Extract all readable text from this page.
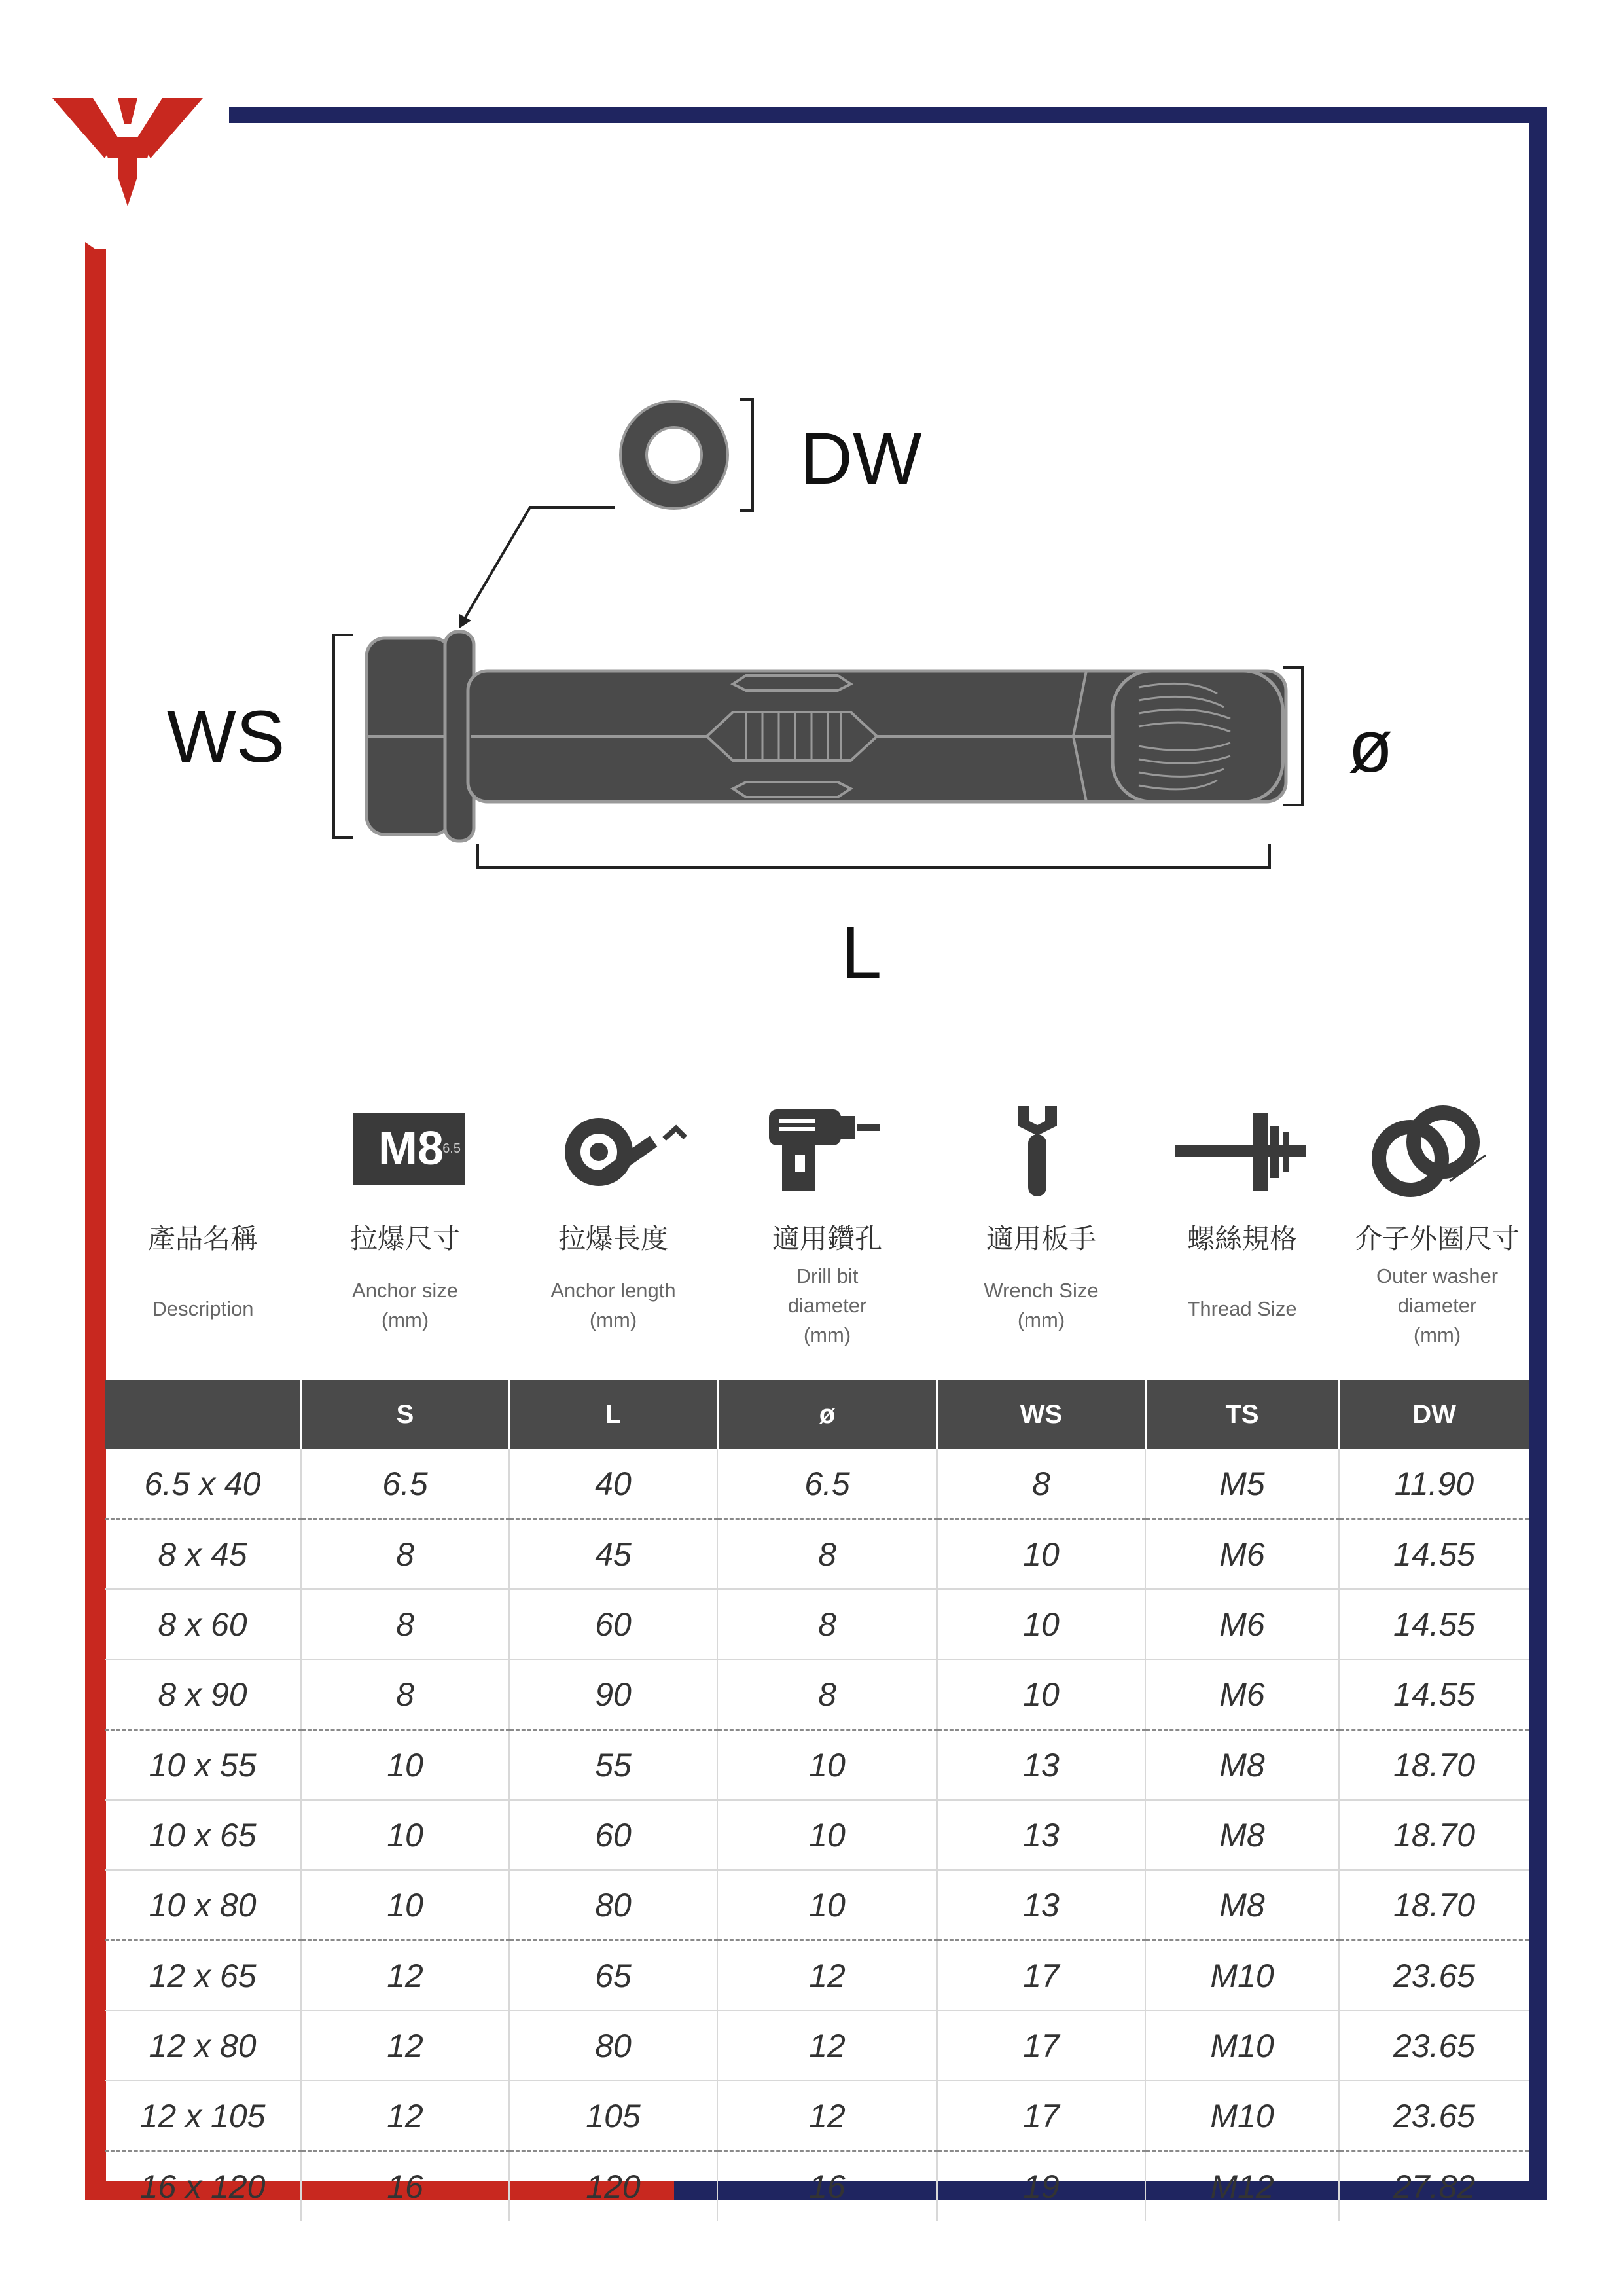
DW
WS	ø
L
M8
6.5
產品名稱
Description
拉爆尺寸
Anchor size
(mm)
拉爆長度
Anchor length
(mm)
適用鑽孔
Drill bit
diameter
(mm)
適用板手
Wrench Size
(mm)
螺絲規格
Thread Size
介子外圈尺寸
Outer washer
diameter
(mm)
	S	L	ø	WS	TS	DW
6.5 x 40	6.5	40	6.5	8	M5	11.90
8 x 45	8	45	8	10	M6	14.55
8 x 60	8	60	8	10	M6	14.55
8 x 90	8	90	8	10	M6	14.55
10 x 55	10	55	10	13	M8	18.70
10 x 65	10	60	10	13	M8	18.70
10 x 80	10	80	10	13	M8	18.70
12 x 65	12	65	12	17	M10	23.65
12 x 80	12	80	12	17	M10	23.65
12 x 105	12	105	12	17	M10	23.65
16 x 120	16	120	16	19	M12	27.82
